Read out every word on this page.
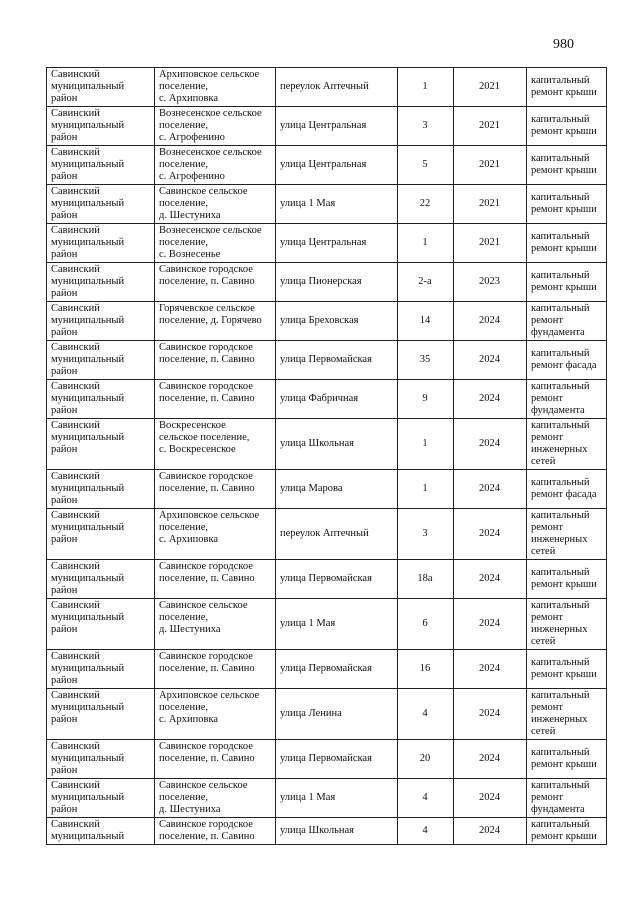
980
Савинский
муниципальный
район	Архиповское сельское
поселение,
с. Архиповка	переулок Аптечный	1	2021	капитальный
ремонт крыши
Савинский
муниципальный
район	Вознесенское сельское
поселение,
с. Агрофенино	улица Центральная	3	2021	капитальный
ремонт крыши
Савинский
муниципальный
район	Вознесенское сельское
поселение,
с. Агрофенино	улица Центральная	5	2021	капитальный
ремонт крыши
Савинский
муниципальный
район	Савинское сельское
поселение,
д. Шестуниха	улица 1 Мая	22	2021	капитальный
ремонт крыши
Савинский
муниципальный
район	Вознесенское сельское
поселение,
с. Вознесенье	улица Центральная	1	2021	капитальный
ремонт крыши
Савинский
муниципальный
район	Савинское городское
поселение, п. Савино	улица Пионерская	2-а	2023	капитальный
ремонт крыши
Савинский
муниципальный
район	Горячевское сельское
поселение, д. Горячево	улица Бреховская	14	2024	капитальный
ремонт
фундамента
Савинский
муниципальный
район	Савинское городское
поселение, п. Савино	улица Первомайская	35	2024	капитальный
ремонт фасада
Савинский
муниципальный
район	Савинское городское
поселение, п. Савино	улица Фабричная	9	2024	капитальный
ремонт
фундамента
Савинский
муниципальный
район	Воскресенское
сельское поселение,
с. Воскресенское	улица Школьная	1	2024	капитальный
ремонт
инженерных
сетей
Савинский
муниципальный
район	Савинское городское
поселение, п. Савино	улица Марова	1	2024	капитальный
ремонт фасада
Савинский
муниципальный
район	Архиповское сельское
поселение,
с. Архиповка	переулок Аптечный	3	2024	капитальный
ремонт
инженерных
сетей
Савинский
муниципальный
район	Савинское городское
поселение, п. Савино	улица Первомайская	18а	2024	капитальный
ремонт крыши
Савинский
муниципальный
район	Савинское сельское
поселение,
д. Шестуниха	улица 1 Мая	6	2024	капитальный
ремонт
инженерных
сетей
Савинский
муниципальный
район	Савинское городское
поселение, п. Савино	улица Первомайская	16	2024	капитальный
ремонт крыши
Савинский
муниципальный
район	Архиповское сельское
поселение,
с. Архиповка	улица Ленина	4	2024	капитальный
ремонт
инженерных
сетей
Савинский
муниципальный
район	Савинское городское
поселение, п. Савино	улица Первомайская	20	2024	капитальный
ремонт крыши
Савинский
муниципальный
район	Савинское сельское
поселение,
д. Шестуниха	улица 1 Мая	4	2024	капитальный
ремонт
фундамента
Савинский
муниципальный	Савинское городское
поселение, п. Савино	улица Школьная	4	2024	капитальный
ремонт крыши
